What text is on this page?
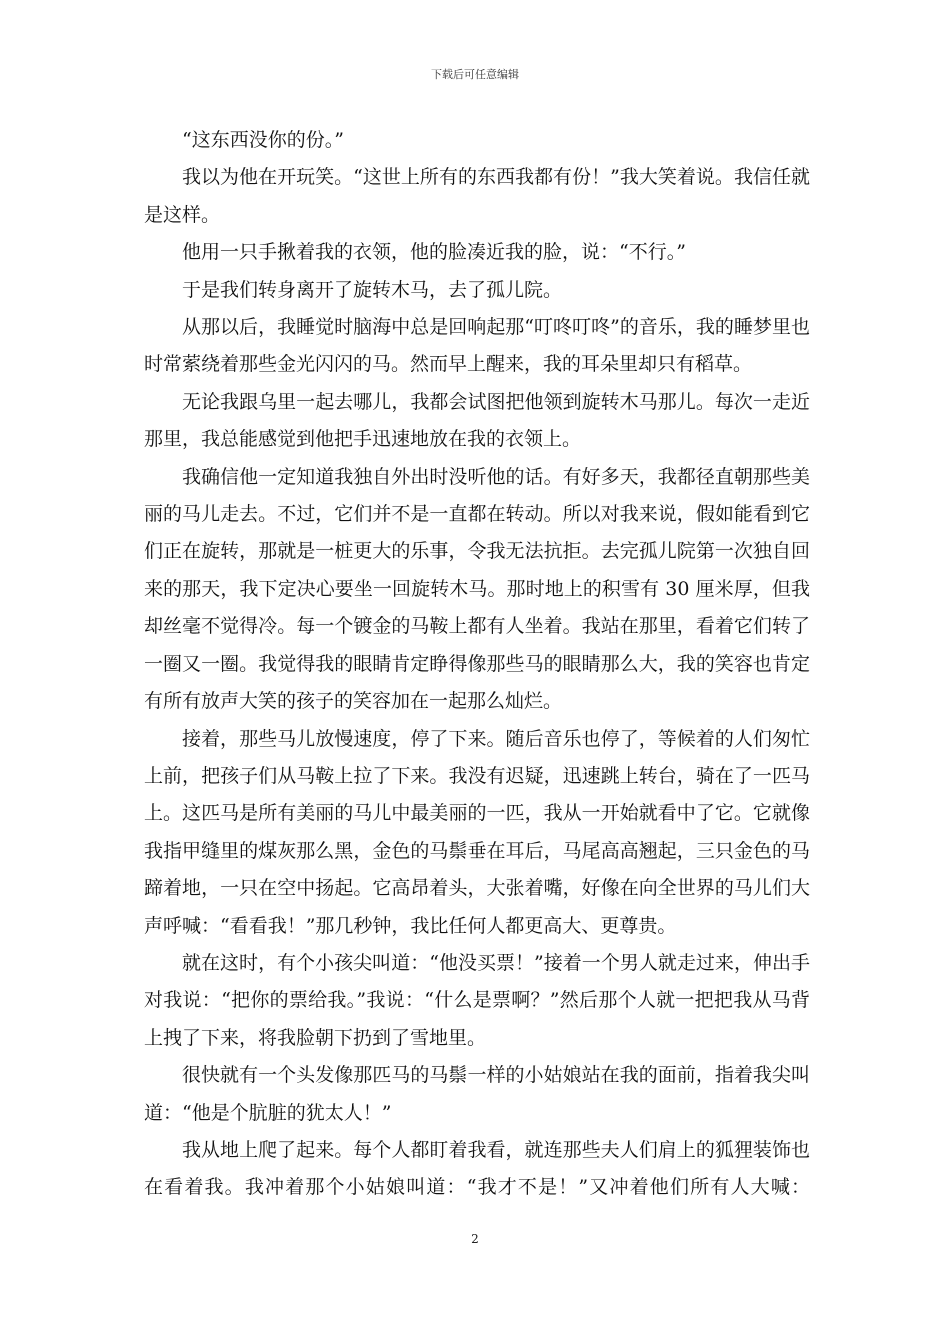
下载后可任意编辑

“这东西没你的份。”

我以为他在开玩笑。“这世上所有的东西我都有份！”我大笑着说。我信任就是这样。

他用一只手揪着我的衣领，他的脸凑近我的脸，说：“不行。”

于是我们转身离开了旋转木马，去了孤儿院。

从那以后，我睡觉时脑海中总是回响起那“叮咚叮咚”的音乐，我的睡梦里也时常萦绕着那些金光闪闪的马。然而早上醒来，我的耳朵里却只有稻草。

无论我跟乌里一起去哪儿，我都会试图把他领到旋转木马那儿。每次一走近那里，我总能感觉到他把手迅速地放在我的衣领上。

我确信他一定知道我独自外出时没听他的话。有好多天，我都径直朝那些美丽的马儿走去。不过，它们并不是一直都在转动。所以对我来说，假如能看到它们正在旋转，那就是一桩更大的乐事，令我无法抗拒。去完孤儿院第一次独自回来的那天，我下定决心要坐一回旋转木马。那时地上的积雪有 30 厘米厚，但我却丝毫不觉得冷。每一个镀金的马鞍上都有人坐着。我站在那里，看着它们转了一圈又一圈。我觉得我的眼睛肯定睁得像那些马的眼睛那么大，我的笑容也肯定有所有放声大笑的孩子的笑容加在一起那么灿烂。

接着，那些马儿放慢速度，停了下来。随后音乐也停了，等候着的人们匆忙上前，把孩子们从马鞍上拉了下来。我没有迟疑，迅速跳上转台，骑在了一匹马上。这匹马是所有美丽的马儿中最美丽的一匹，我从一开始就看中了它。它就像我指甲缝里的煤灰那么黑，金色的马鬃垂在耳后，马尾高高翘起，三只金色的马蹄着地，一只在空中扬起。它高昂着头，大张着嘴，好像在向全世界的马儿们大声呼喊：“看看我！”那几秒钟，我比任何人都更高大、更尊贵。

就在这时，有个小孩尖叫道：“他没买票！”接着一个男人就走过来，伸出手对我说：“把你的票给我。”我说：“什么是票啊？”然后那个人就一把把我从马背上拽了下来，将我脸朝下扔到了雪地里。

很快就有一个头发像那匹马的马鬃一样的小姑娘站在我的面前，指着我尖叫道：“他是个肮脏的犹太人！”

我从地上爬了起来。每个人都盯着我看，就连那些夫人们肩上的狐狸装饰也在看着我。我冲着那个小姑娘叫道：“我才不是！”又冲着他们所有人大喊：

2
